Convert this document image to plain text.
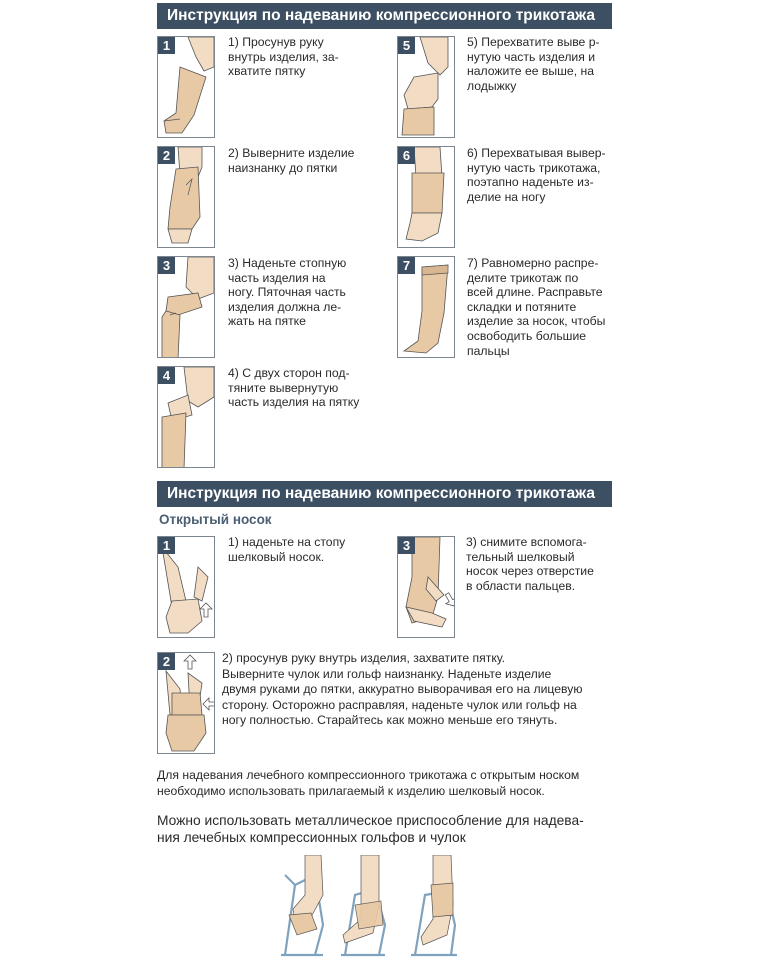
Инструкция по надеванию компрессионного трикотажа
1	1) Просунув руку
внутрь изделия, за-
хватите пятку
2	2) Выверните изделие
наизнанку до пятки
3	3) Наденьте стопную
часть изделия на
ногу. Пяточная часть
изделия должна ле-
жать на пятке
4	4) С двух сторон под-
тяните вывернутую
часть изделия на пятку
5	5) Перехватите выве р-
нутую часть изделия и
наложите ее выше, на
лодыжку
6	6) Перехватывая вывер-
нутую часть трикотажа,
поэтапно наденьте из-
делие на ногу
7	7) Равномерно распре-
делите трикотаж по
всей длине. Расправьте
складки и потяните
изделие за носок, чтобы
освободить большие
пальцы
Инструкция по надеванию компрессионного трикотажа
Открытый носок
1	1) наденьте на стопу
шелковый носок.
3	3) снимите вспомога-
тельный шелковый
носок через отверстие
в области пальцев.
2	2) просунув руку внутрь изделия, захватите пятку.
Выверните чулок или гольф наизнанку. Наденьте изделие
двумя руками до пятки, аккуратно выворачивая его на лицевую
сторону. Осторожно расправляя, наденьте чулок или гольф на
ногу полностью. Старайтесь как можно меньше его тянуть.
Для надевания лечебного компрессионного трикотажа с открытым носком
необходимо использовать прилагаемый к изделию шелковый носок.
Можно использовать металлическое приспособление для надева-
ния лечебных компрессионных гольфов и чулок
